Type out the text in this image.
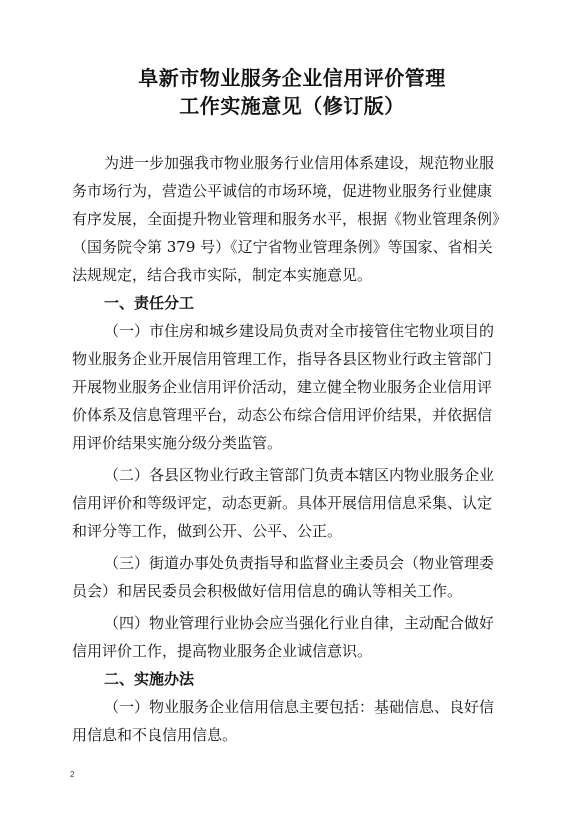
阜新市物业服务企业信用评价管理
工作实施意见（修订版）
为进一步加强我市物业服务行业信用体系建设，规范物业服
务市场行为，营造公平诚信的市场环境，促进物业服务行业健康
有序发展，全面提升物业管理和服务水平，根据《物业管理条例》
（国务院令第 379 号）《辽宁省物业管理条例》等国家、省相关
法规规定，结合我市实际，制定本实施意见。
一、责任分工
（一）市住房和城乡建设局负责对全市接管住宅物业项目的
物业服务企业开展信用管理工作，指导各县区物业行政主管部门
开展物业服务企业信用评价活动，建立健全物业服务企业信用评
价体系及信息管理平台，动态公布综合信用评价结果，并依据信
用评价结果实施分级分类监管。
（二）各县区物业行政主管部门负责本辖区内物业服务企业
信用评价和等级评定，动态更新。具体开展信用信息采集、认定
和评分等工作，做到公开、公平、公正。
（三）街道办事处负责指导和监督业主委员会（物业管理委
员会）和居民委员会积极做好信用信息的确认等相关工作。
（四）物业管理行业协会应当强化行业自律，主动配合做好
信用评价工作，提高物业服务企业诚信意识。
二、实施办法
（一）物业服务企业信用信息主要包括：基础信息、良好信
用信息和不良信用信息。
2
